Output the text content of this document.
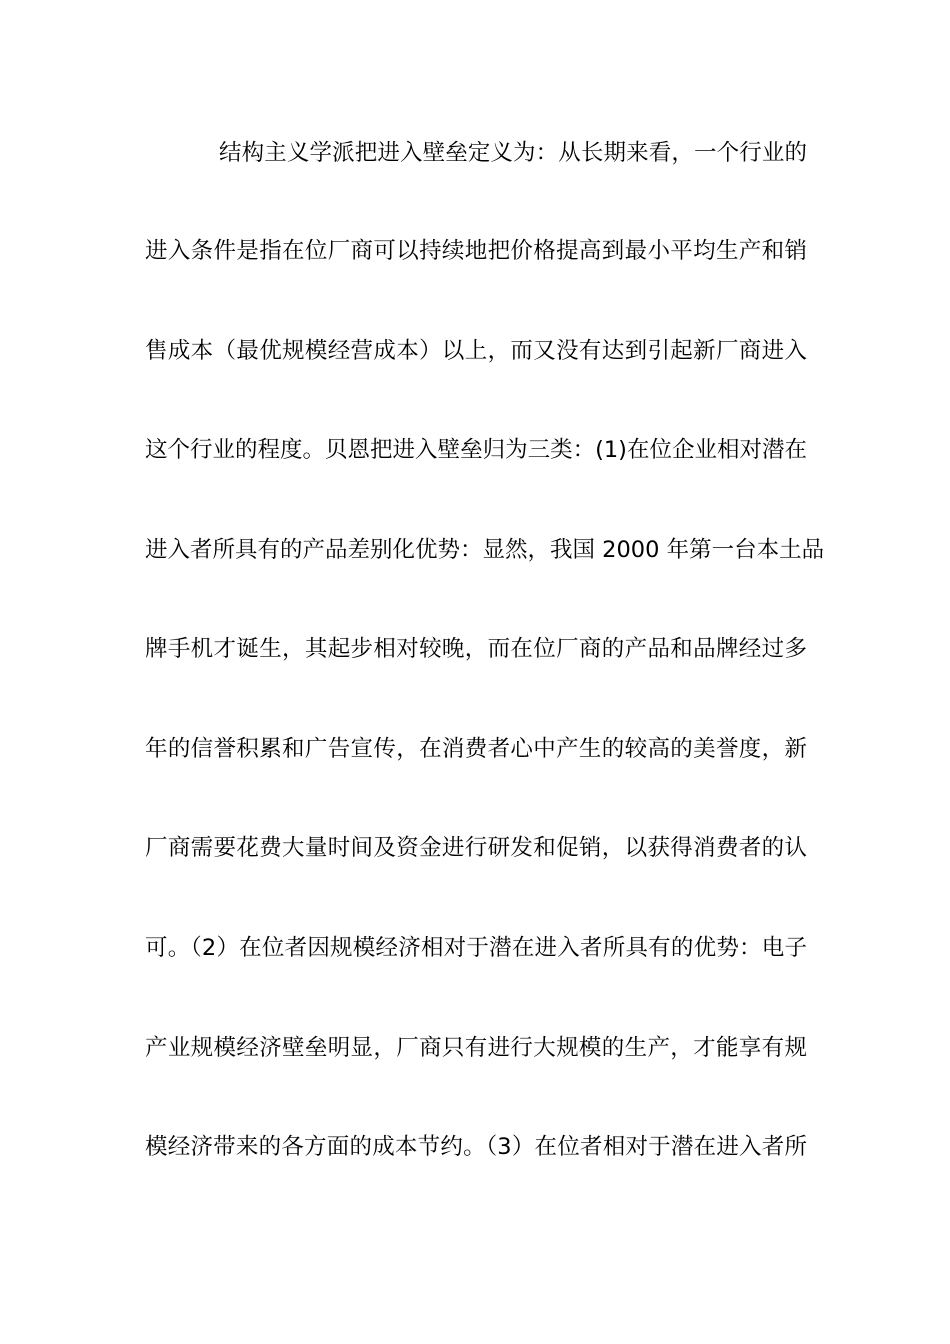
结构主义学派把进入壁垒定义为：从长期来看，一个行业的
进入条件是指在位厂商可以持续地把价格提高到最小平均生产和销
售成本（最优规模经营成本）以上，而又没有达到引起新厂商进入
这个行业的程度。贝恩把进入壁垒归为三类：(1)在位企业相对潜在
进入者所具有的产品差别化优势：显然，我国 2000 年第一台本土品
牌手机才诞生，其起步相对较晚，而在位厂商的产品和品牌经过多
年的信誉积累和广告宣传，在消费者心中产生的较高的美誉度，新
厂商需要花费大量时间及资金进行研发和促销，以获得消费者的认
可。（2）在位者因规模经济相对于潜在进入者所具有的优势：电子
产业规模经济壁垒明显，厂商只有进行大规模的生产，才能享有规
模经济带来的各方面的成本节约。（3）在位者相对于潜在进入者所
